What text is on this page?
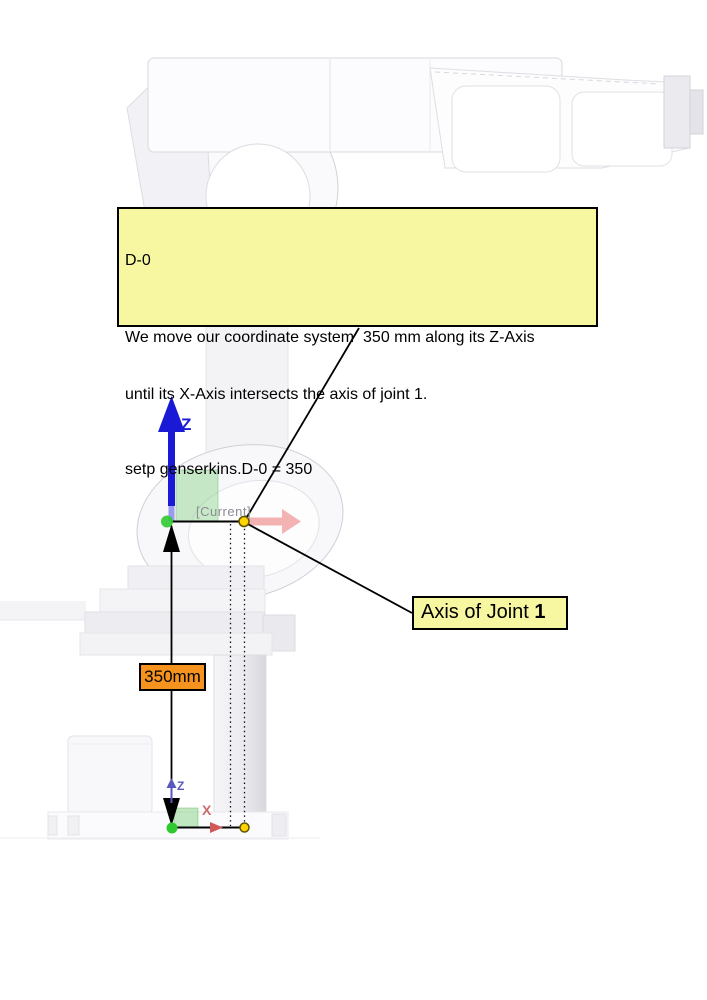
D-0

We move our coordinate system  350 mm along its Z-Axis

until its X-Axis intersects the axis of joint 1.

setp genserkins.D-0 = 350

Axis of Joint 1
350mm
Z
[Current]
Z
X
